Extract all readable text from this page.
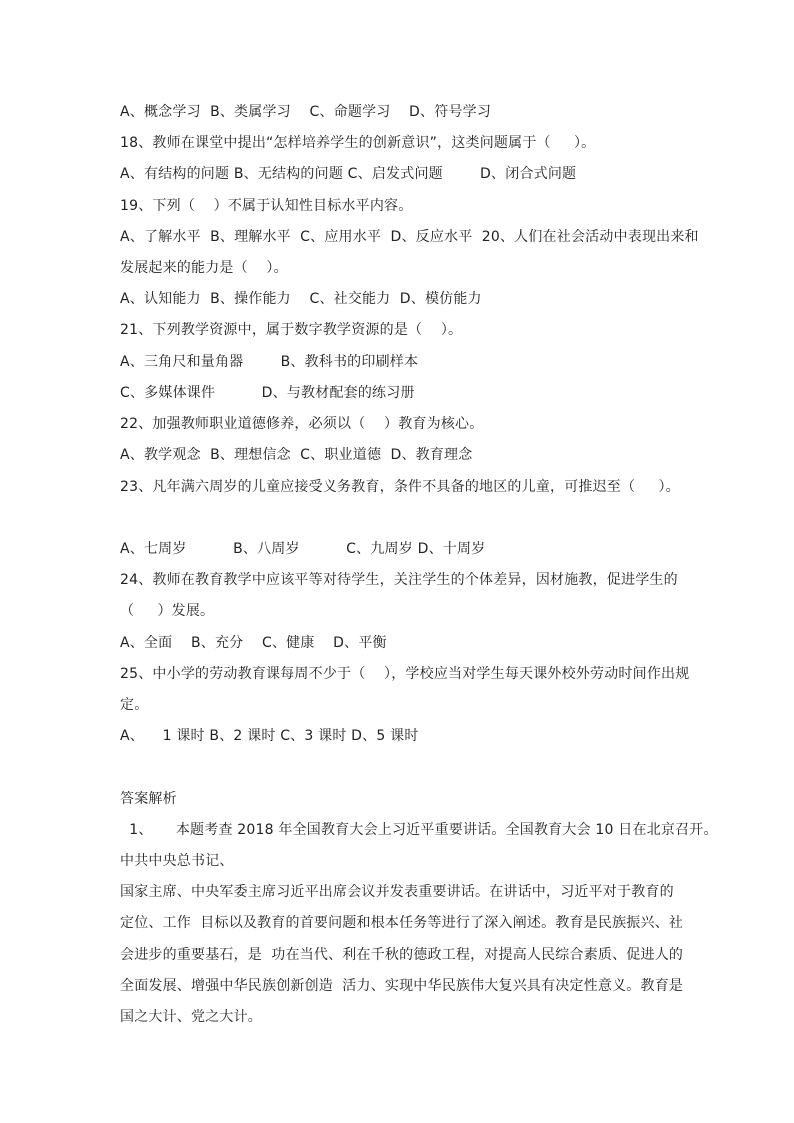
A、概念学习  B、类属学习    C、命题学习    D、符号学习
18、教师在课堂中提出“怎样培养学生的创新意识”，这类问题属于（     ）。
A、有结构的问题 B、无结构的问题 C、启发式问题        D、闭合式问题
19、下列（    ）不属于认知性目标水平内容。
A、了解水平  B、理解水平  C、应用水平  D、反应水平  20、人们在社会活动中表现出来和
发展起来的能力是（    ）。
A、认知能力  B、操作能力    C、社交能力  D、模仿能力
21、下列教学资源中，属于数字教学资源的是（    ）。
A、三角尺和量角器        B、教科书的印刷样本
C、多媒体课件          D、与教材配套的练习册
22、加强教师职业道德修养，必须以（    ）教育为核心。
A、教学观念  B、理想信念  C、职业道德  D、教育理念
23、凡年满六周岁的儿童应接受义务教育，条件不具备的地区的儿童，可推迟至（     ）。
A、七周岁          B、八周岁          C、九周岁 D、十周岁
24、教师在教育教学中应该平等对待学生，关注学生的个体差异，因材施教，促进学生的
（     ）发展。
A、全面    B、充分    C、健康    D、平衡
25、中小学的劳动教育课每周不少于（    ），学校应当对学生每天课外校外劳动时间作出规
定。
A、    1 课时 B、2 课时 C、3 课时 D、5 课时
答案解析
1、     本题考查 2018 年全国教育大会上习近平重要讲话。全国教育大会 10 日在北京召开。
中共中央总书记、
国家主席、中央军委主席习近平出席会议并发表重要讲话。在讲话中，习近平对于教育的
定位、工作  目标以及教育的首要问题和根本任务等进行了深入阐述。教育是民族振兴、社
会进步的重要基石，是  功在当代、利在千秋的德政工程，对提高人民综合素质、促进人的
全面发展、增强中华民族创新创造  活力、实现中华民族伟大复兴具有决定性意义。教育是
国之大计、党之大计。
